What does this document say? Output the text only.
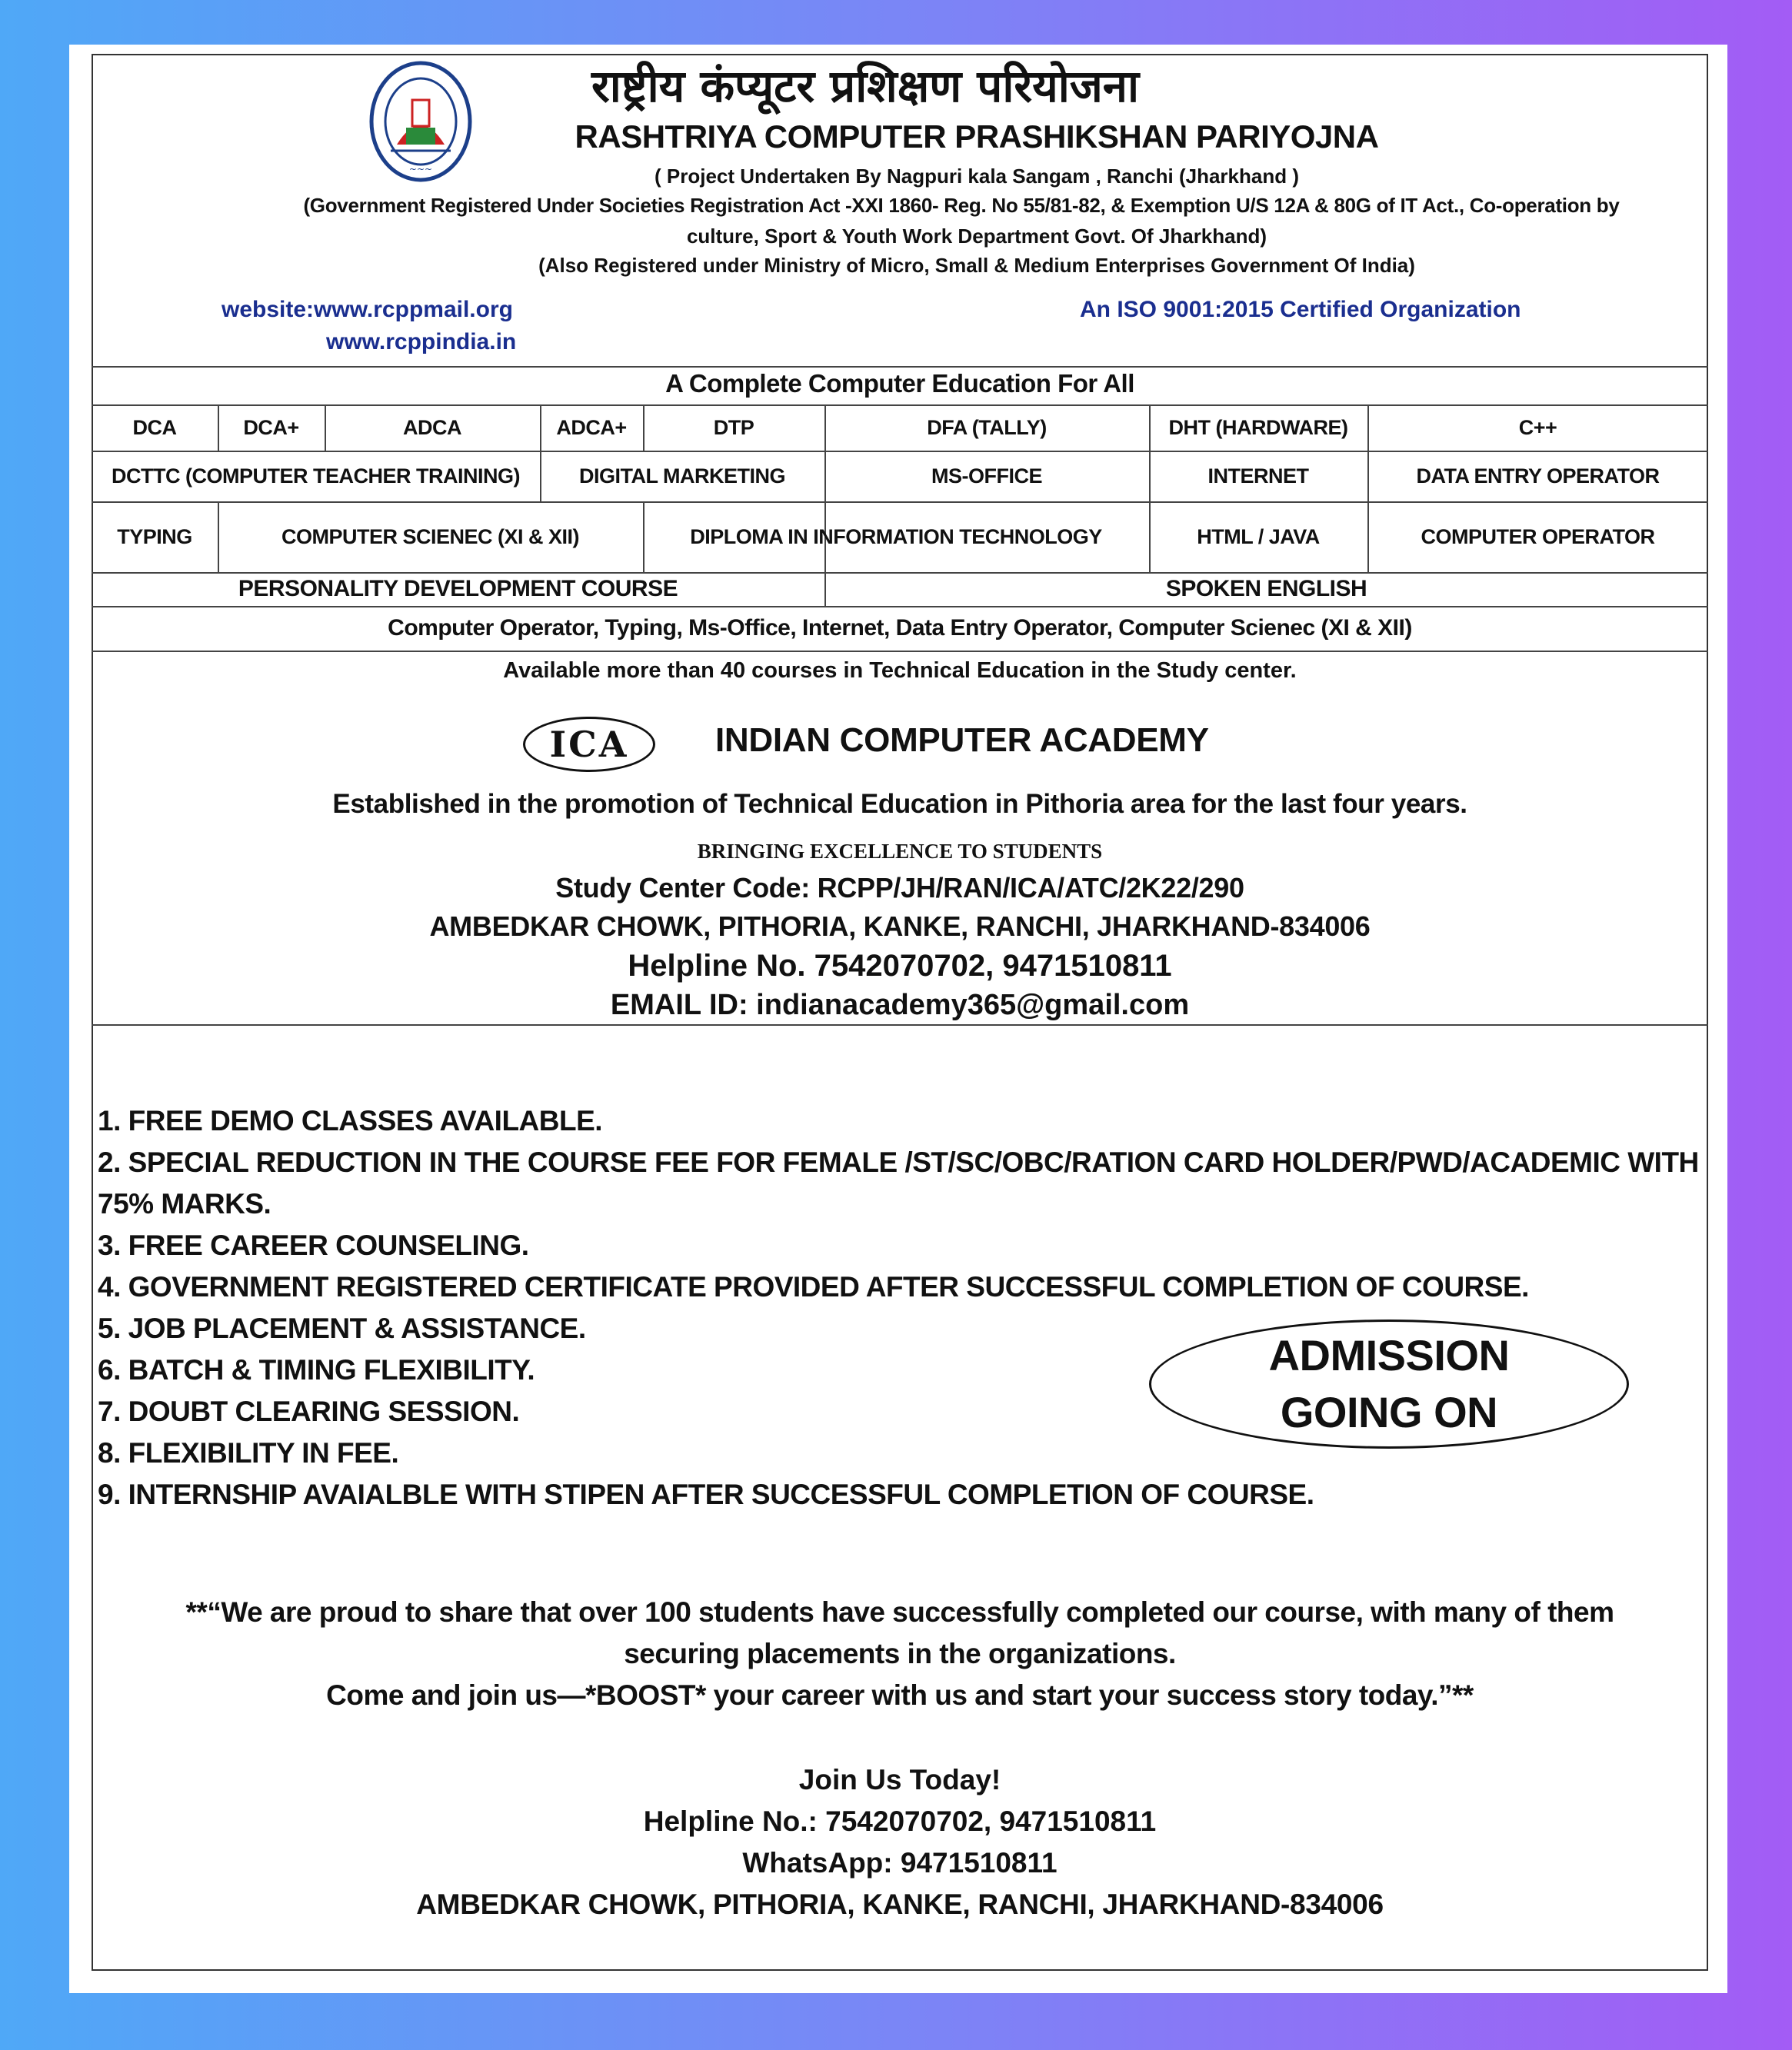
~~~
राष्ट्रीय कंप्यूटर प्रशिक्षण परियोजना
RASHTRIYA COMPUTER PRASHIKSHAN PARIYOJNA
( Project Undertaken By Nagpuri kala Sangam , Ranchi (Jharkhand )
(Government Registered Under Societies Registration Act -XXI 1860- Reg. No 55/81-82, & Exemption U/S 12A & 80G of IT Act., Co-operation by
culture, Sport & Youth Work Department Govt. Of Jharkhand)
(Also Registered under Ministry of Micro, Small & Medium Enterprises Government Of India)
website:www.rcppmail.org
www.rcppindia.in
An ISO 9001:2015 Certified Organization
A Complete Computer Education For All
DCA	DCA+	ADCA	ADCA+	DTP	DFA (TALLY)	DHT (HARDWARE)	C++
DCTTC (COMPUTER TEACHER TRAINING)	DIGITAL MARKETING	MS-OFFICE	INTERNET	DATA ENTRY OPERATOR
TYPING	COMPUTER SCIENEC (XI & XII)	DIPLOMA IN INFORMATION TECHNOLOGY	HTML / JAVA	COMPUTER OPERATOR
PERSONALITY DEVELOPMENT COURSE	SPOKEN ENGLISH
Computer Operator, Typing, Ms-Office, Internet, Data Entry Operator, Computer Scienec (XI & XII)
Available more than 40 courses in Technical Education in the Study center.
ICA	INDIAN COMPUTER ACADEMY
Established in the promotion of Technical Education in Pithoria area for the last four years.
BRINGING EXCELLENCE TO STUDENTS
Study Center Code: RCPP/JH/RAN/ICA/ATC/2K22/290
AMBEDKAR CHOWK, PITHORIA, KANKE, RANCHI, JHARKHAND-834006
Helpline No. 7542070702, 9471510811
EMAIL ID: indianacademy365@gmail.com
1. FREE DEMO CLASSES AVAILABLE.
2. SPECIAL REDUCTION IN THE COURSE FEE FOR FEMALE /ST/SC/OBC/RATION CARD HOLDER/PWD/ACADEMIC WITH
75% MARKS.
3. FREE CAREER COUNSELING.
4. GOVERNMENT REGISTERED CERTIFICATE PROVIDED AFTER SUCCESSFUL COMPLETION OF COURSE.
5. JOB PLACEMENT & ASSISTANCE.
6. BATCH & TIMING FLEXIBILITY.
7. DOUBT CLEARING SESSION.
8. FLEXIBILITY IN FEE.
9. INTERNSHIP AVAIALBLE WITH STIPEN AFTER SUCCESSFUL COMPLETION OF COURSE.
ADMISSION
GOING ON
**“We are proud to share that over 100 students have successfully completed our course, with many of them
securing placements in the organizations.
Come and join us—*BOOST* your career with us and start your success story today.”**
Join Us Today!
Helpline No.: 7542070702, 9471510811
WhatsApp: 9471510811
AMBEDKAR CHOWK, PITHORIA, KANKE, RANCHI, JHARKHAND-834006
